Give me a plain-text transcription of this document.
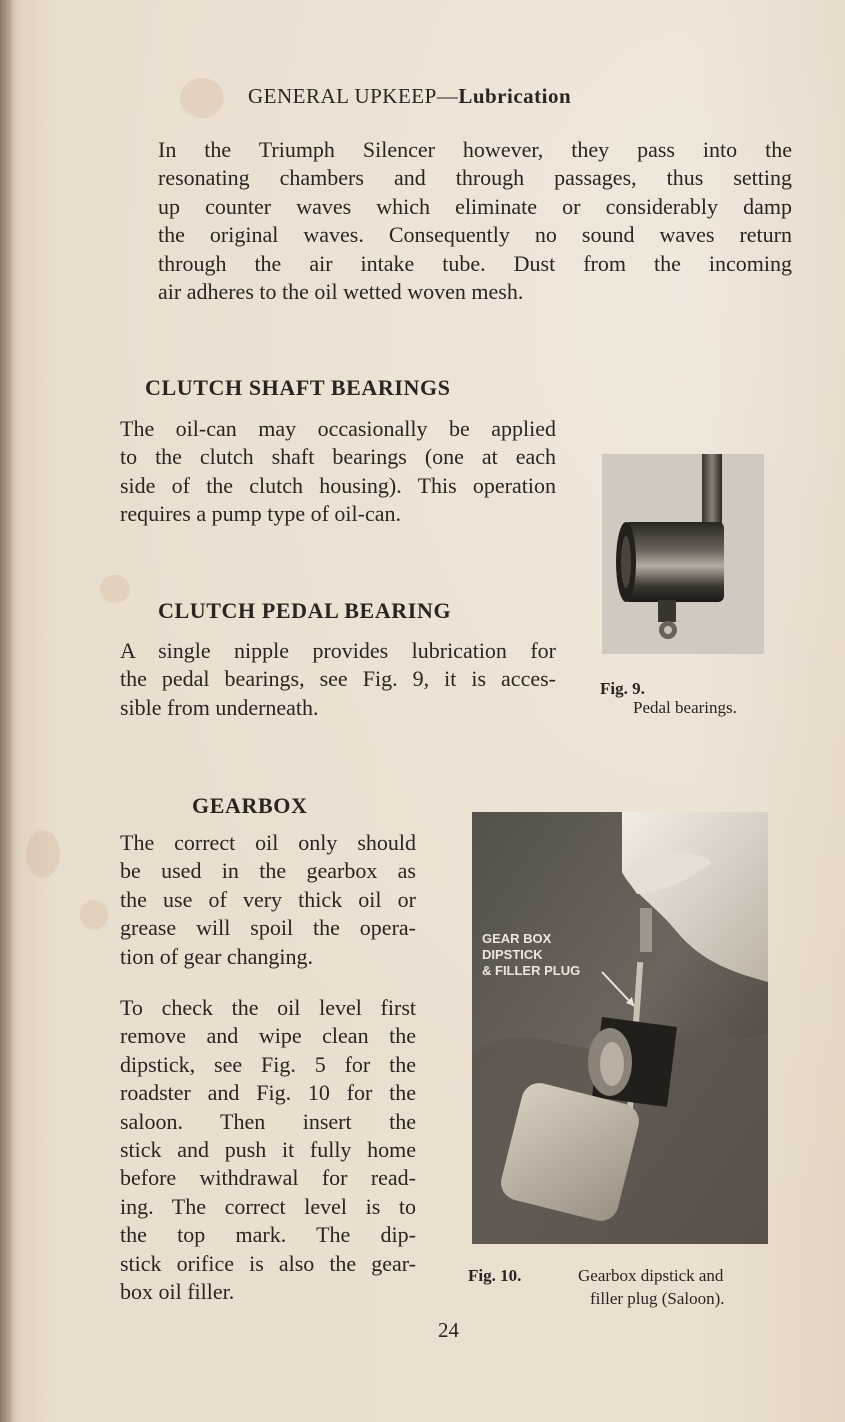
GENERAL UPKEEP—Lubrication
In the Triumph Silencer however, they pass into the
resonating chambers and through passages, thus setting
up counter waves which eliminate or considerably damp
the original waves. Consequently no sound waves return
through the air intake tube. Dust from the incoming
air adheres to the oil wetted woven mesh.
CLUTCH SHAFT BEARINGS
The oil-can may occasionally be applied
to the clutch shaft bearings (one at each
side of the clutch housing). This operation
requires a pump type of oil-can.
CLUTCH PEDAL BEARING
A single nipple provides lubrication for
the pedal bearings, see Fig. 9, it is acces-
sible from underneath.
Fig. 9.
Pedal bearings.
GEARBOX
The correct oil only should
be used in the gearbox as
the use of very thick oil or
grease will spoil the opera-
tion of gear changing.
To check the oil level first
remove and wipe clean the
dipstick, see Fig. 5 for the
roadster and Fig. 10 for the
saloon. Then insert the
stick and push it fully home
before withdrawal for read-
ing. The correct level is to
the top mark. The dip-
stick orifice is also the gear-
box oil filler.
GEAR BOX
DIPSTICK
& FILLER PLUG
Fig. 10.	Gearbox dipstick and
filler plug (Saloon).
24
